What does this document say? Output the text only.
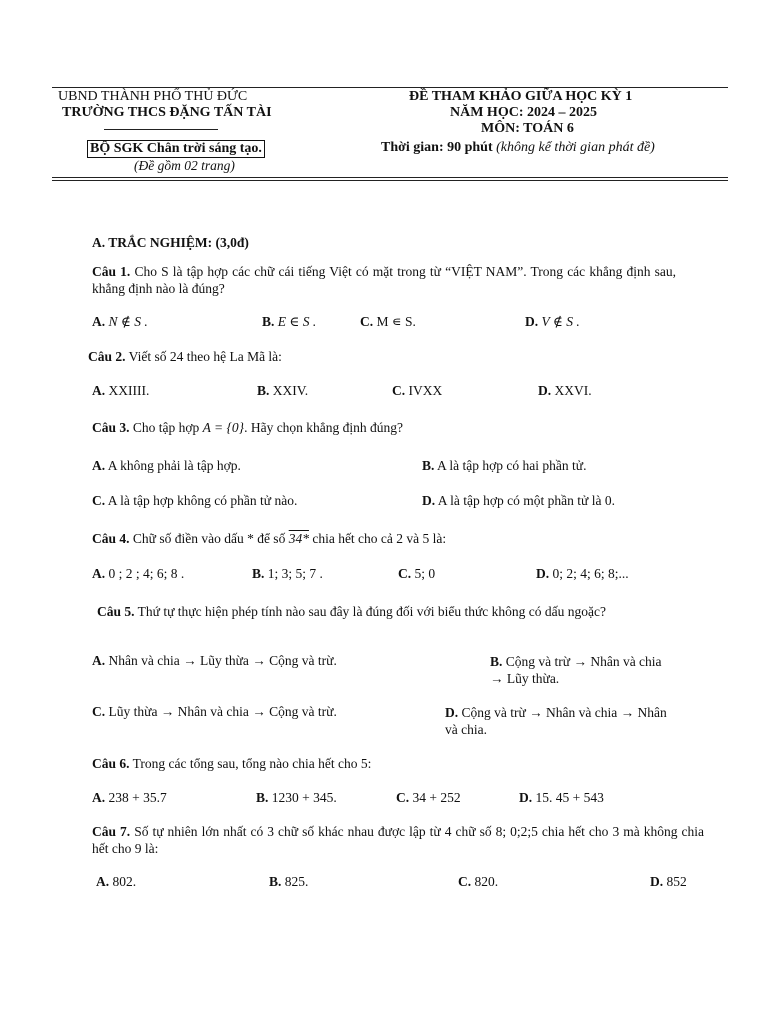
UBND THÀNH PHỐ THỦ ĐỨC
TRƯỜNG THCS ĐẶNG TẤN TÀI
BỘ SGK Chân trời sáng tạo.
(Đề gồm 02 trang)
ĐỀ THAM KHẢO GIỮA HỌC KỲ 1
NĂM HỌC: 2024 – 2025
MÔN: TOÁN 6
Thời gian: 90 phút (không kể thời gian phát đề)
A. TRẮC NGHIỆM: (3,0đ)
Câu 1. Cho S là tập hợp các chữ cái tiếng Việt có mặt trong từ “VIỆT NAM”. Trong các khẳng định sau, khẳng định nào là đúng?
A. N ∉ S .	B. E ∈ S .	C. M ∊ S.	D. V ∉ S .
Câu 2. Viết số 24 theo hệ La Mã là:
A. XXIIII.	B. XXIV.	C. IVXX	D. XXVI.
Câu 3. Cho tập hợp A = {0}. Hãy chọn khẳng định đúng?
A. A không phải là tập hợp.	B. A là tập hợp có hai phần tử.
C. A là tập hợp không có phần tử nào.	D. A là tập hợp có một phần tử là 0.
Câu 4. Chữ số điền vào dấu * để số 34* chia hết cho cả 2 và 5 là:
A. 0 ; 2 ; 4; 6; 8 .	B. 1; 3; 5; 7 .	C. 5; 0	D. 0; 2; 4; 6; 8;...
Câu 5. Thứ tự thực hiện phép tính nào sau đây là đúng đối với biểu thức không có dấu ngoặc?
A. Nhân và chia → Lũy thừa → Cộng và trừ.	B. Cộng và trừ → Nhân và chia → Lũy thừa.
C. Lũy thừa → Nhân và chia → Cộng và trừ.	D. Cộng và trừ → Nhân và chia → Nhân và chia.
Câu 6. Trong các tổng sau, tổng nào chia hết cho 5:
A. 238 + 35.7	B. 1230 + 345.	C. 34 + 252	D. 15. 45 + 543
Câu 7. Số tự nhiên lớn nhất có 3 chữ số khác nhau được lập từ 4 chữ số 8; 0;2;5 chia hết cho 3 mà không chia hết cho 9 là:
A. 802.	B. 825.	C. 820.	D. 852
